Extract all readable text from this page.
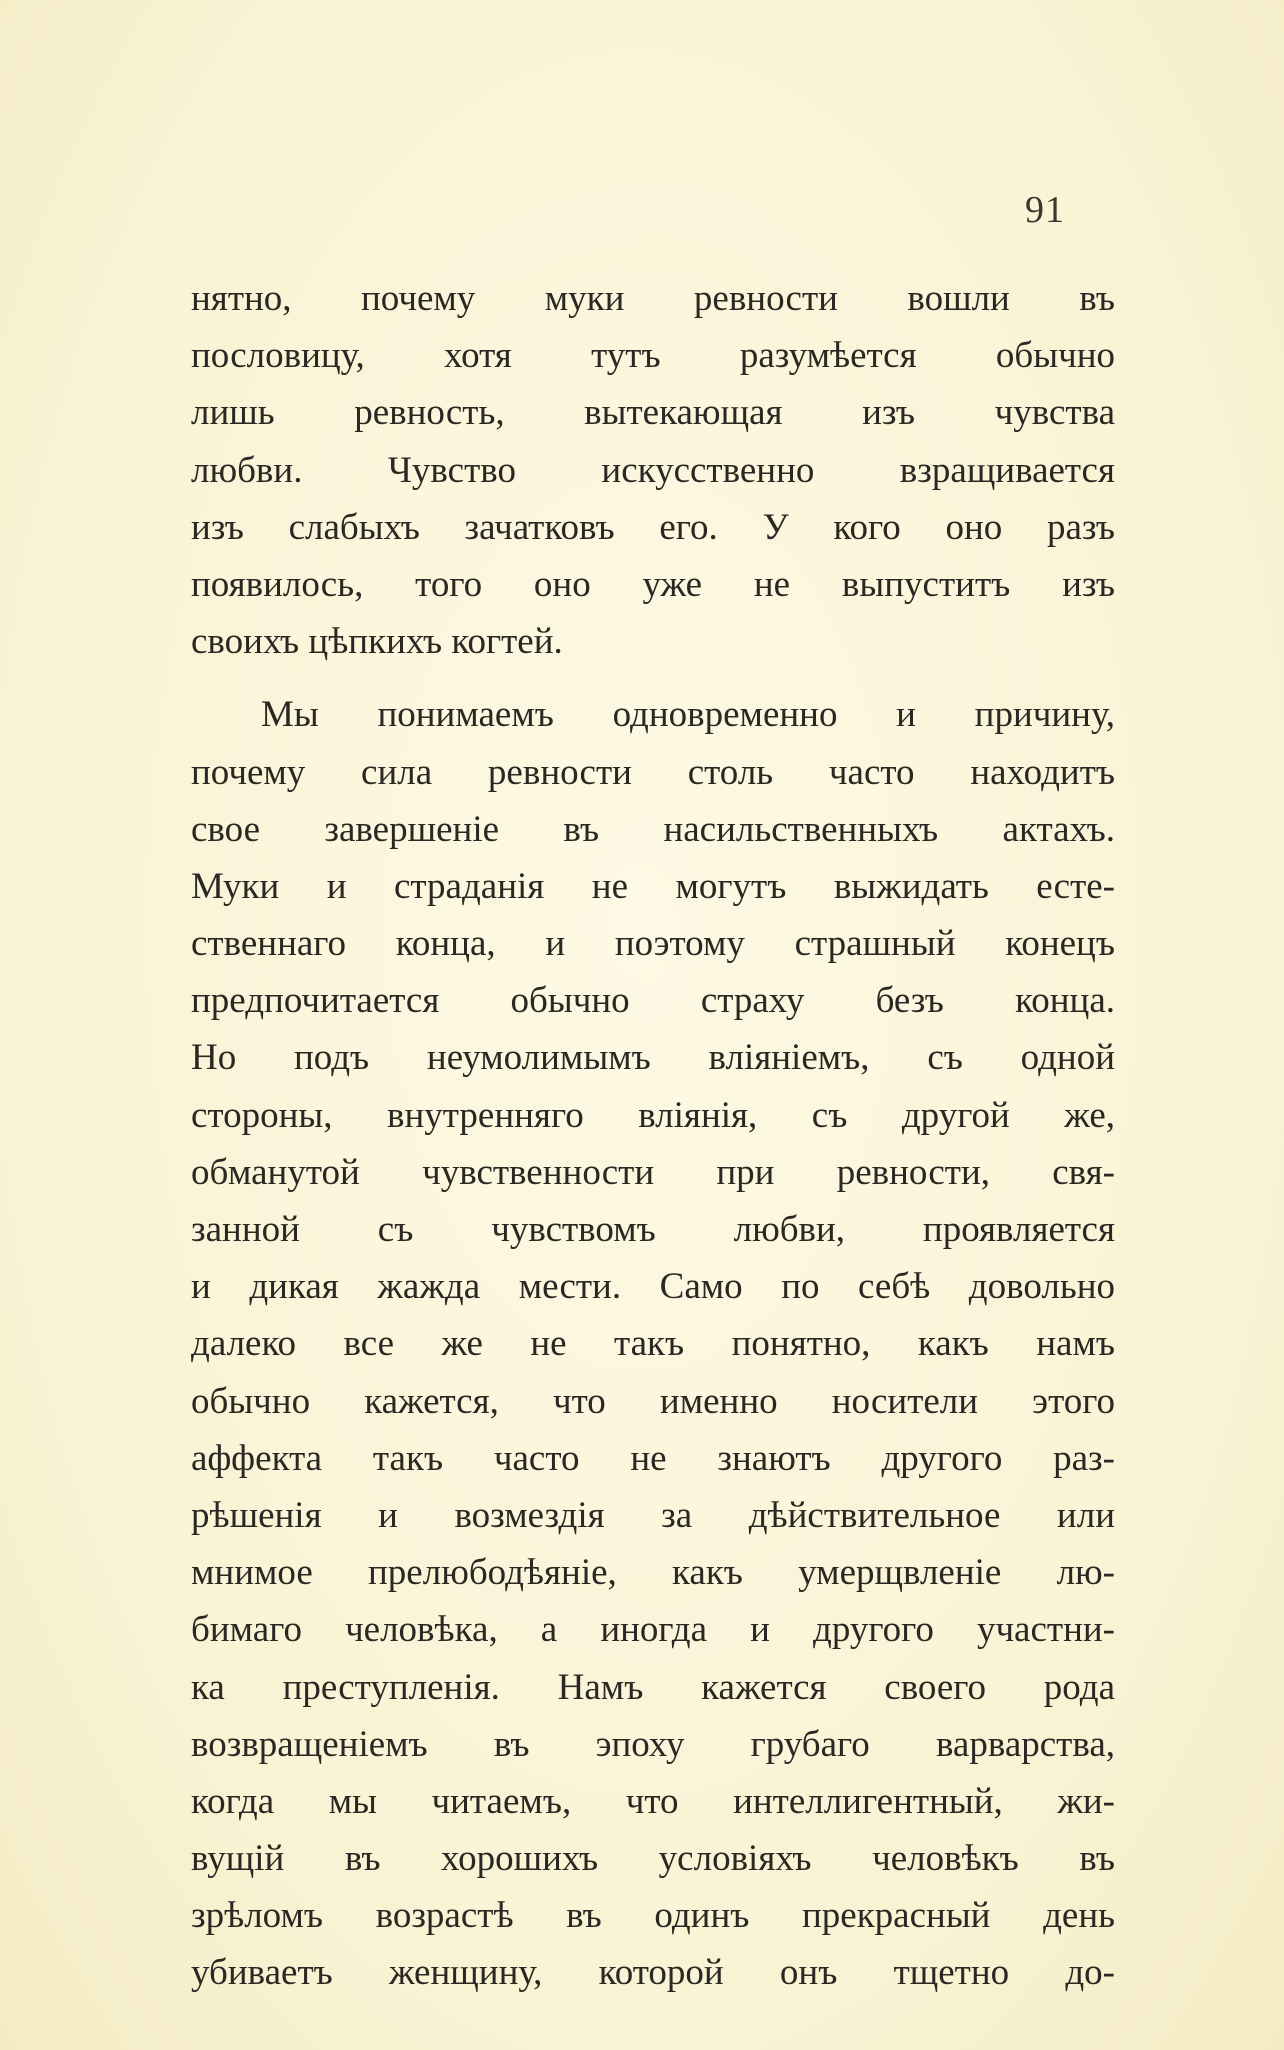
91
нятно, почему муки ревности вошли въ
пословицу, хотя тутъ разумѣется обычно
лишь ревность, вытекающая изъ чувства
любви. Чувство искусственно взращивается
изъ слабыхъ зачатковъ его. У кого оно разъ
появилось, того оно уже не выпуститъ изъ
своихъ цѣпкихъ когтей.
Мы понимаемъ одновременно и причину,
почему сила ревности столь часто находитъ
свое завершеніе въ насильственныхъ актахъ.
Муки и страданія не могутъ выжидать есте-
ственнаго конца, и поэтому страшный конецъ
предпочитается обычно страху безъ конца.
Но подъ неумолимымъ вліяніемъ, съ одной
стороны, внутренняго вліянія, съ другой же,
обманутой чувственности при ревности, свя-
занной съ чувствомъ любви, проявляется
и дикая жажда мести. Само по себѣ довольно
далеко все же не такъ понятно, какъ намъ
обычно кажется, что именно носители этого
аффекта такъ часто не знаютъ другого раз-
рѣшенія и возмездія за дѣйствительное или
мнимое прелюбодѣяніе, какъ умерщвленіе лю-
бимаго человѣка, а иногда и другого участни-
ка преступленія. Намъ кажется своего рода
возвращеніемъ въ эпоху грубаго варварства,
когда мы читаемъ, что интеллигентный, жи-
вущій въ хорошихъ условіяхъ человѣкъ въ
зрѣломъ возрастѣ въ одинъ прекрасный день
убиваетъ женщину, которой онъ тщетно до-
